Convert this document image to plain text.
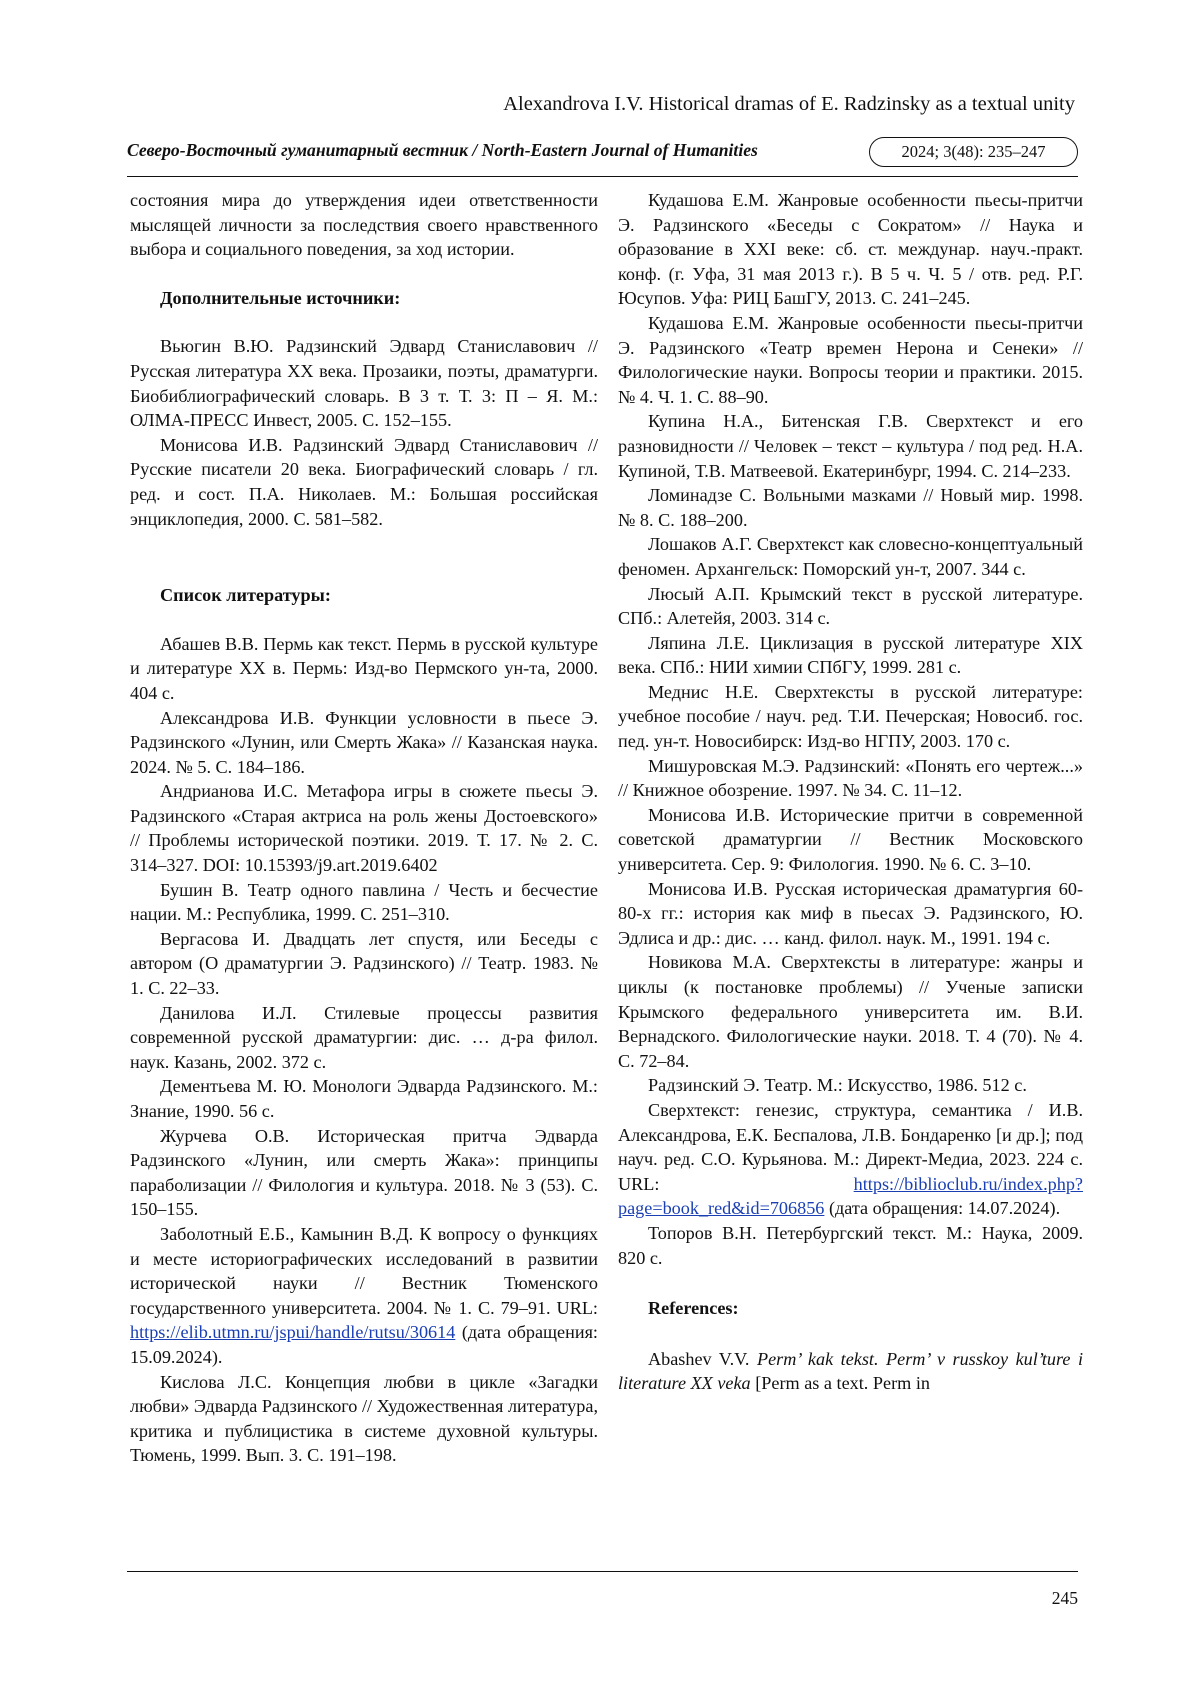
Alexandrova I.V. Historical dramas of E. Radzinsky as a textual unity
Северо-Восточный гуманитарный вестник / North-Eastern Journal of Humanities	2024; 3(48): 235–247

состояния мира до утверждения идеи ответственности мыслящей личности за последствия своего нравственного выбора и социального поведения, за ход истории.

Дополнительные источники:

Вьюгин В.Ю. Радзинский Эдвард Станиславович // Русская литература ХХ века. Прозаики, поэты, драматурги. Биобиблиографический словарь. В 3 т. Т. 3: П – Я. М.: ОЛМА-ПРЕСС Инвест, 2005. С. 152–155.

Монисова И.В. Радзинский Эдвард Станиславович // Русские писатели 20 века. Биографический словарь / гл. ред. и сост. П.А. Николаев. М.: Большая российская энциклопедия, 2000. С. 581–582.

Список литературы:

Абашев В.В. Пермь как текст. Пермь в русской культуре и литературе ХХ в. Пермь: Изд-во Пермского ун-та, 2000. 404 с.

Александрова И.В. Функции условности в пьесе Э. Радзинского «Лунин, или Смерть Жака» // Казанская наука. 2024. № 5. С. 184–186.

Андрианова И.С. Метафора игры в сюжете пьесы Э. Радзинского «Старая актриса на роль жены Достоевского» // Проблемы исторической поэтики. 2019. Т. 17. № 2. С. 314–327. DOI: 10.15393/j9.art.2019.6402

Бушин В. Театр одного павлина / Честь и бесчестие нации. М.: Республика, 1999. С. 251–310.

Вергасова И. Двадцать лет спустя, или Беседы с автором (О драматургии Э. Радзинского) // Театр. 1983. № 1. С. 22–33.

Данилова И.Л. Стилевые процессы развития современной русской драматургии: дис. … д-ра филол. наук. Казань, 2002. 372 с.

Дементьева М. Ю. Монологи Эдварда Радзинского. М.: Знание, 1990. 56 с.

Журчева О.В. Историческая притча Эдварда Радзинского «Лунин, или смерть Жака»: принципы параболизации // Филология и культура. 2018. № 3 (53). С. 150–155.

Заболотный Е.Б., Камынин В.Д. К вопросу о функциях и месте историографических исследований в развитии исторической науки // Вестник Тюменского государственного университета. 2004. № 1. С. 79–91. URL: https://elib.utmn.ru/jspui/handle/rutsu/30614 (дата обращения: 15.09.2024).

Кислова Л.С. Концепция любви в цикле «Загадки любви» Эдварда Радзинского // Художественная литература, критика и публицистика в системе духовной культуры. Тюмень, 1999. Вып. 3. С. 191–198.

Кудашова Е.М. Жанровые особенности пьесы-притчи Э. Радзинского «Беседы с Сократом» // Наука и образование в XXI веке: сб. ст. междунар. науч.-практ. конф. (г. Уфа, 31 мая 2013 г.). В 5 ч. Ч. 5 / отв. ред. Р.Г. Юсупов. Уфа: РИЦ БашГУ, 2013. С. 241–245.

Кудашова Е.М. Жанровые особенности пьесы-притчи Э. Радзинского «Театр времен Нерона и Сенеки» // Филологические науки. Вопросы теории и практики. 2015. № 4. Ч. 1. С. 88–90.

Купина Н.А., Битенская Г.В. Сверхтекст и его разновидности // Человек – текст – культура / под ред. Н.А. Купиной, Т.В. Матвеевой. Екатеринбург, 1994. С. 214–233.

Ломинадзе С. Вольными мазками // Новый мир. 1998. № 8. С. 188–200.

Лошаков А.Г. Сверхтекст как словесно-концептуальный феномен. Архангельск: Поморский ун-т, 2007. 344 с.

Люсый А.П. Крымский текст в русской литературе. СПб.: Алетейя, 2003. 314 с.

Ляпина Л.Е. Циклизация в русской литературе XIX века. СПб.: НИИ химии СПбГУ, 1999. 281 с.

Меднис Н.Е. Сверхтексты в русской литературе: учебное пособие / науч. ред. Т.И. Печерская; Новосиб. гос. пед. ун-т. Новосибирск: Изд-во НГПУ, 2003. 170 с.

Мишуровская М.Э. Радзинский: «Понять его чертеж...» // Книжное обозрение. 1997. № 34. С. 11–12.

Монисова И.В. Исторические притчи в современной советской драматургии // Вестник Московского университета. Сер. 9: Филология. 1990. № 6. С. 3–10.

Монисова И.В. Русская историческая драматургия 60-80-х гг.: история как миф в пьесах Э. Радзинского, Ю. Эдлиса и др.: дис. … канд. филол. наук. М., 1991. 194 с.

Новикова М.А. Сверхтексты в литературе: жанры и циклы (к постановке проблемы) // Ученые записки Крымского федерального университета им. В.И. Вернадского. Филологические науки. 2018. Т. 4 (70). № 4. С. 72–84.

Радзинский Э. Театр. М.: Искусство, 1986. 512 с.

Сверхтекст: генезис, структура, семантика / И.В. Александрова, Е.К. Беспалова, Л.В. Бондаренко [и др.]; под науч. ред. С.О. Курьянова. М.: Директ-Медиа, 2023. 224 с. URL: https://biblioclub.ru/index.php?page=book_red&id=706856 (дата обращения: 14.07.2024).

Топоров В.Н. Петербургский текст. М.: Наука, 2009. 820 с.

References:

Abashev V.V. Perm’ kak tekst. Perm’ v russkoy kul’ture i literature XX veka [Perm as a text. Perm in

245
